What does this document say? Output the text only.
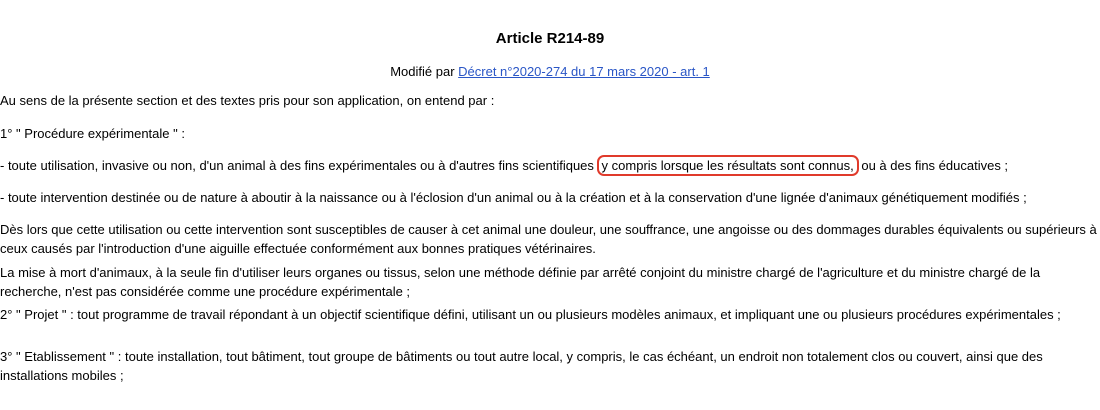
Article R214-89
Modifié par Décret n°2020-274 du 17 mars 2020 - art. 1

Au sens de la présente section et des textes pris pour son application, on entend par :

1° " Procédure expérimentale " :

- toute utilisation, invasive ou non, d'un animal à des fins expérimentales ou à d'autres fins scientifiques y compris lorsque les résultats sont connus, ou à des fins éducatives ;

- toute intervention destinée ou de nature à aboutir à la naissance ou à l'éclosion d'un animal ou à la création et à la conservation d'une lignée d'animaux génétiquement modifiés ;

Dès lors que cette utilisation ou cette intervention sont susceptibles de causer à cet animal une douleur, une souffrance, une angoisse ou des dommages durables équivalents ou supérieurs à ceux causés par l'introduction d'une aiguille effectuée conformément aux bonnes pratiques vétérinaires.

La mise à mort d'animaux, à la seule fin d'utiliser leurs organes ou tissus, selon une méthode définie par arrêté conjoint du ministre chargé de l'agriculture et du ministre chargé de la recherche, n'est pas considérée comme une procédure expérimentale ;

2° " Projet " : tout programme de travail répondant à un objectif scientifique défini, utilisant un ou plusieurs modèles animaux, et impliquant une ou plusieurs procédures expérimentales ;

3° " Etablissement " : toute installation, tout bâtiment, tout groupe de bâtiments ou tout autre local, y compris, le cas échéant, un endroit non totalement clos ou couvert, ainsi que des installations mobiles ;
